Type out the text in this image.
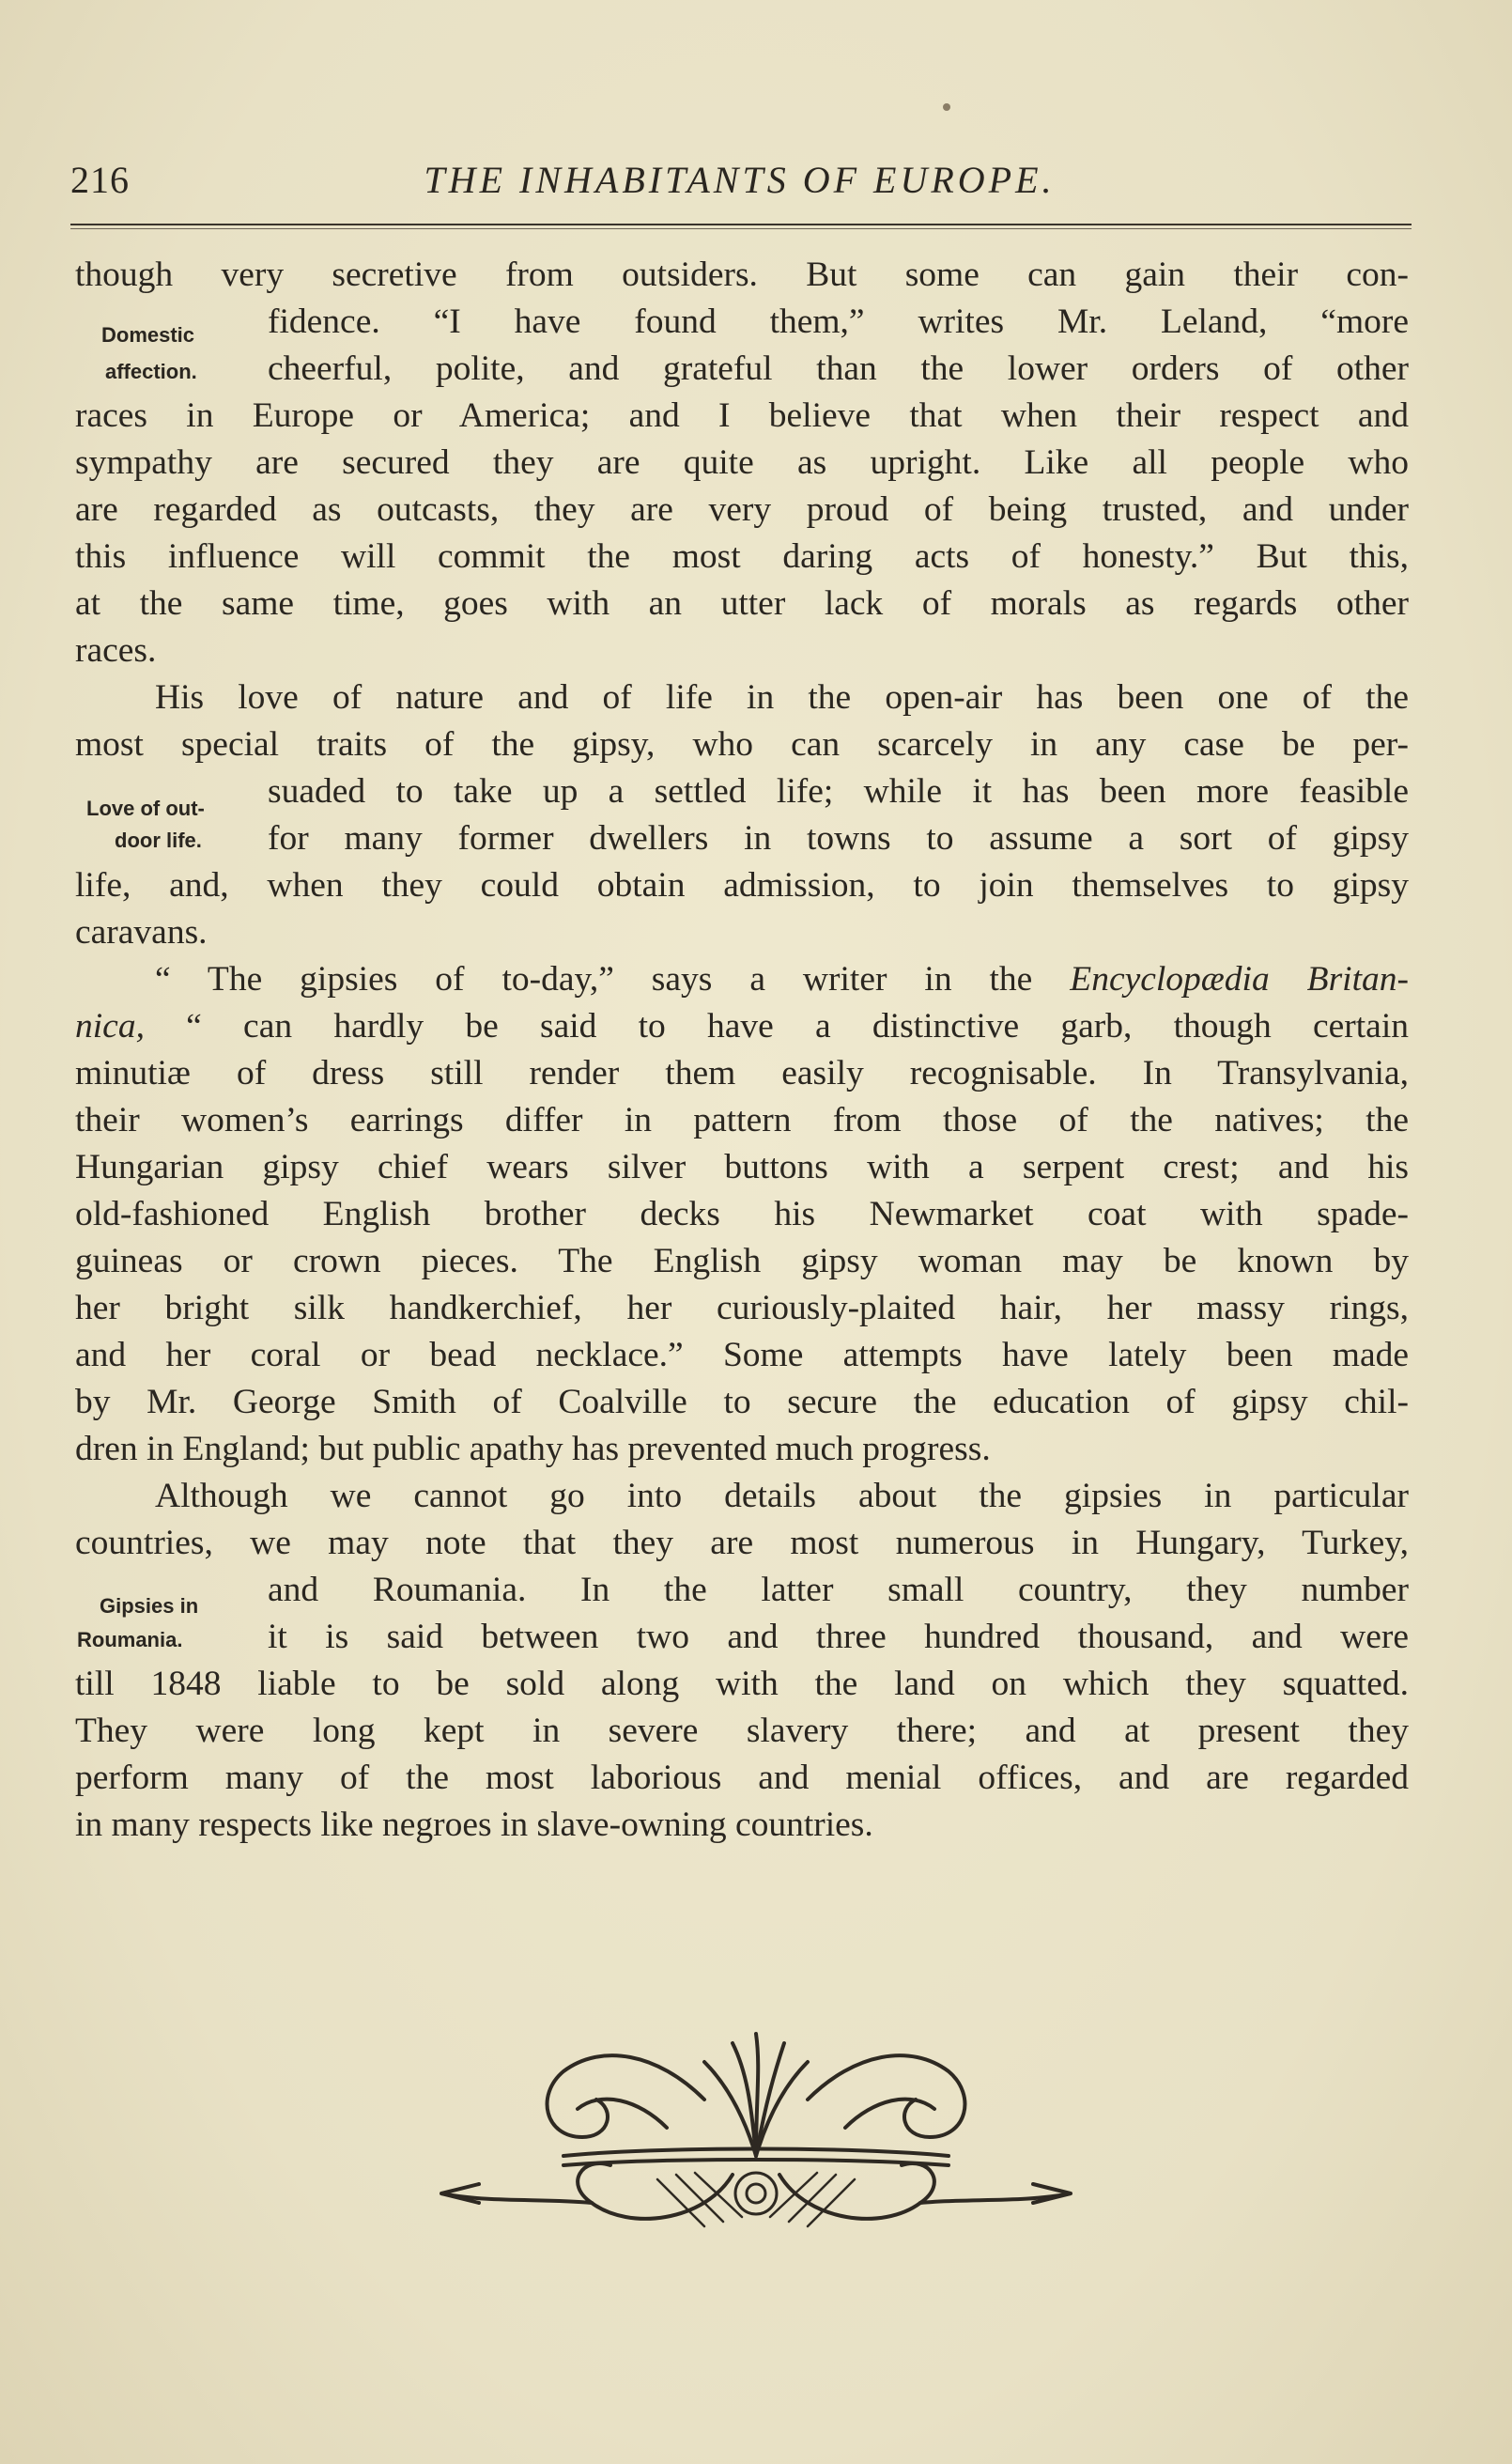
216	THE INHABITANTS OF EUROPE.
Domestic
affection.
Love of out-
door life.
Gipsies in
Roumania.
though very secretive from outsiders. But some can gain their con-
fidence. “I have found them,” writes Mr. Leland, “more
cheerful, polite, and grateful than the lower orders of other
races in Europe or America; and I believe that when their respect and
sympathy are secured they are quite as upright. Like all people who
are regarded as outcasts, they are very proud of being trusted, and under
this influence will commit the most daring acts of honesty.” But this,
at the same time, goes with an utter lack of morals as regards other
races.
His love of nature and of life in the open-air has been one of the
most special traits of the gipsy, who can scarcely in any case be per-
suaded to take up a settled life; while it has been more feasible
for many former dwellers in towns to assume a sort of gipsy
life, and, when they could obtain admission, to join themselves to gipsy
caravans.
“ The gipsies of to-day,” says a writer in the Encyclopædia Britan-
nica, “ can hardly be said to have a distinctive garb, though certain
minutiæ of dress still render them easily recognisable. In Transylvania,
their women’s earrings differ in pattern from those of the natives; the
Hungarian gipsy chief wears silver buttons with a serpent crest; and his
old-fashioned English brother decks his Newmarket coat with spade-
guineas or crown pieces. The English gipsy woman may be known by
her bright silk handkerchief, her curiously-plaited hair, her massy rings,
and her coral or bead necklace.” Some attempts have lately been made
by Mr. George Smith of Coalville to secure the education of gipsy chil-
dren in England; but public apathy has prevented much progress.
Although we cannot go into details about the gipsies in particular
countries, we may note that they are most numerous in Hungary, Turkey,
and Roumania. In the latter small country, they number
it is said between two and three hundred thousand, and were
till 1848 liable to be sold along with the land on which they squatted.
They were long kept in severe slavery there; and at present they
perform many of the most laborious and menial offices, and are regarded
in many respects like negroes in slave-owning countries.
